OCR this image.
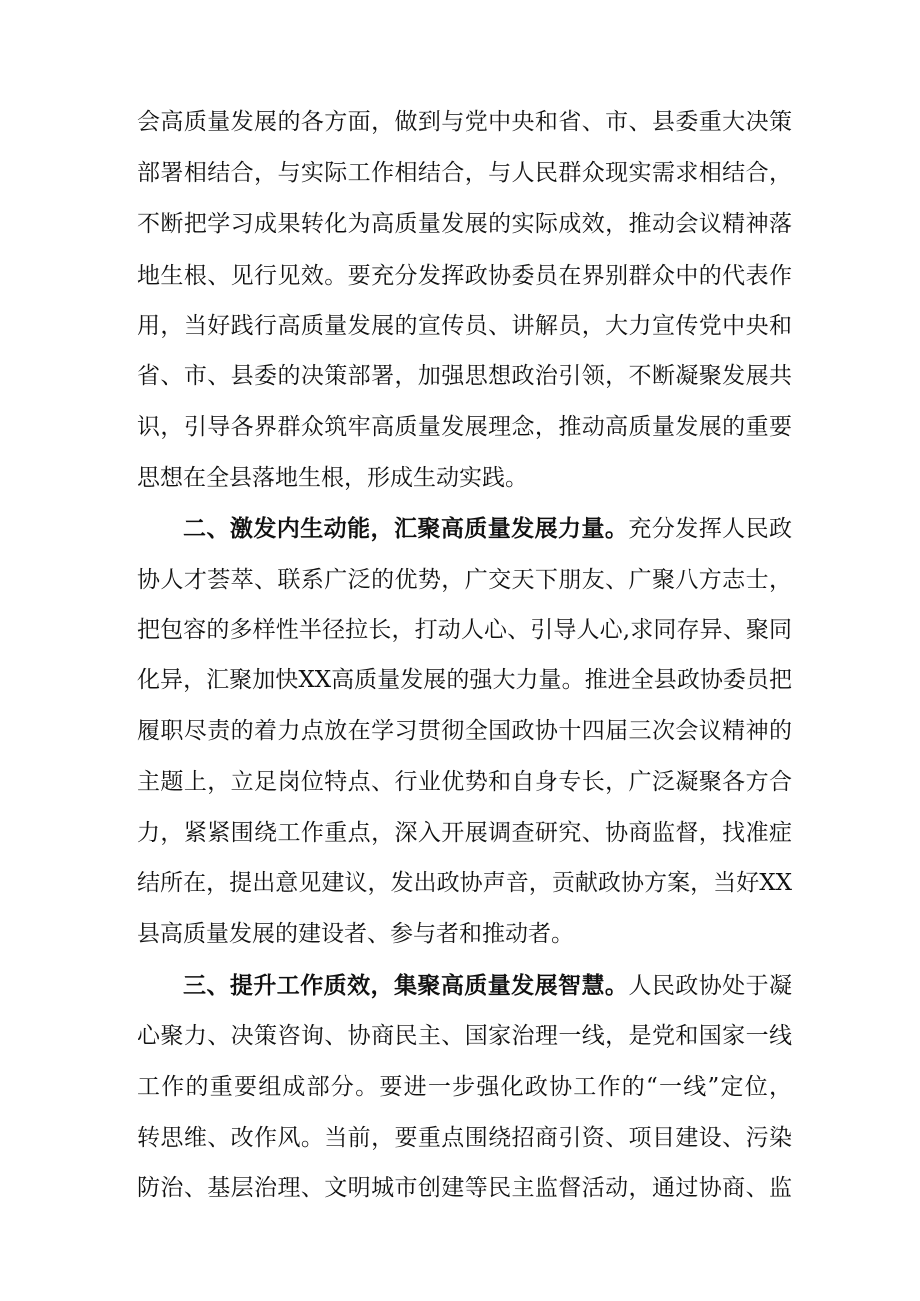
会高质量发展的各方面，做到与党中央和省、市、县委重大决策
部署相结合，与实际工作相结合，与人民群众现实需求相结合，
不断把学习成果转化为高质量发展的实际成效，推动会议精神落
地生根、见行见效。要充分发挥政协委员在界别群众中的代表作
用，当好践行高质量发展的宣传员、讲解员，大力宣传党中央和
省、市、县委的决策部署，加强思想政治引领，不断凝聚发展共
识，引导各界群众筑牢高质量发展理念，推动高质量发展的重要
思想在全县落地生根，形成生动实践。
二、激发内生动能，汇聚高质量发展力量。充分发挥人民政
协人才荟萃、联系广泛的优势，广交天下朋友、广聚八方志士，
把包容的多样性半径拉长，打动人心、引导人心,求同存异、聚同
化异，汇聚加快XX高质量发展的强大力量。推进全县政协委员把
履职尽责的着力点放在学习贯彻全国政协十四届三次会议精神的
主题上，立足岗位特点、行业优势和自身专长，广泛凝聚各方合
力，紧紧围绕工作重点，深入开展调查研究、协商监督，找准症
结所在，提出意见建议，发出政协声音，贡献政协方案，当好XX
县高质量发展的建设者、参与者和推动者。
三、提升工作质效，集聚高质量发展智慧。人民政协处于凝
心聚力、决策咨询、协商民主、国家治理一线，是党和国家一线
工作的重要组成部分。要进一步强化政协工作的“一线”定位，
转思维、改作风。当前，要重点围绕招商引资、项目建设、污染
防治、基层治理、文明城市创建等民主监督活动，通过协商、监
